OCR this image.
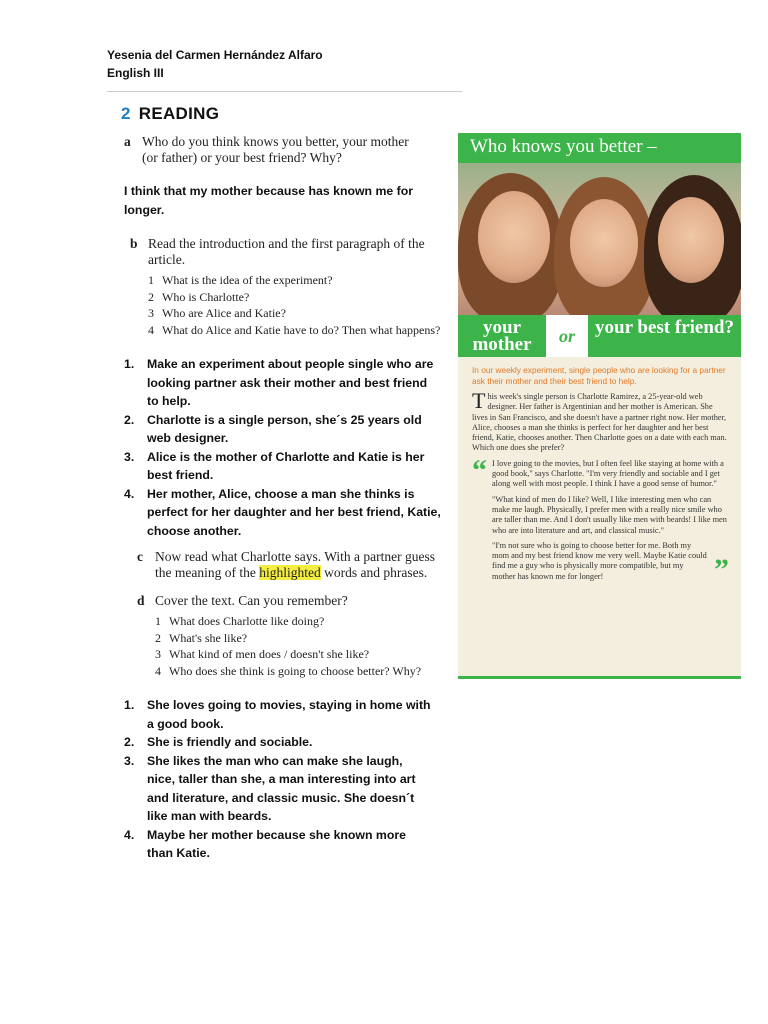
Yesenia del Carmen Hernández Alfaro
English III
2 READING
a Who do you think knows you better, your mother (or father) or your best friend? Why?
I think that my mother because has known me for longer.
b Read the introduction and the first paragraph of the article.
1 What is the idea of the experiment?
2 Who is Charlotte?
3 Who are Alice and Katie?
4 What do Alice and Katie have to do? Then what happens?
1. Make an experiment about people single who are looking partner ask their mother and best friend to help.
2. Charlotte is a single person, she´s 25 years old web designer.
3. Alice is the mother of Charlotte and Katie is her best friend.
4. Her mother, Alice, choose a man she thinks is perfect for her daughter and her best friend, Katie, choose another.
c Now read what Charlotte says. With a partner guess the meaning of the highlighted words and phrases.
d Cover the text. Can you remember?
1 What does Charlotte like doing?
2 What's she like?
3 What kind of men does / doesn't she like?
4 Who does she think is going to choose better? Why?
1. She loves going to movies, staying in home with a good book.
2. She is friendly and sociable.
3. She likes the man who can make she laugh, nice, taller than she, a man interesting into art and literature, and classic music. She doesn´t like man with beards.
4. Maybe her mother because she known more than Katie.
Who knows you better –
your mother	or	your best friend?
In our weekly experiment, single people who are looking for a partner ask their mother and their best friend to help.

This week's single person is Charlotte Ramirez, a 25-year-old web designer. Her father is Argentinian and her mother is American. She lives in San Francisco, and she doesn't have a partner right now. Her mother, Alice, chooses a man she thinks is perfect for her daughter and her best friend, Katie, chooses another. Then Charlotte goes on a date with each man. Which one does she prefer?

“ I love going to the movies, but I often feel like staying at home with a good book," says Charlotte. "I'm very friendly and sociable and I get along well with most people. I think I have a good sense of humor."

"What kind of men do I like? Well, I like interesting men who can make me laugh. Physically, I prefer men with a really nice smile who are taller than me. And I don't usually like men with beards! I like men who are into literature and art, and classical music."

"I'm not sure who is going to choose better for me. Both my mom and my best friend know me very well. Maybe Katie could find me a guy who is physically more compatible, but my mother has known me for longer!	”
